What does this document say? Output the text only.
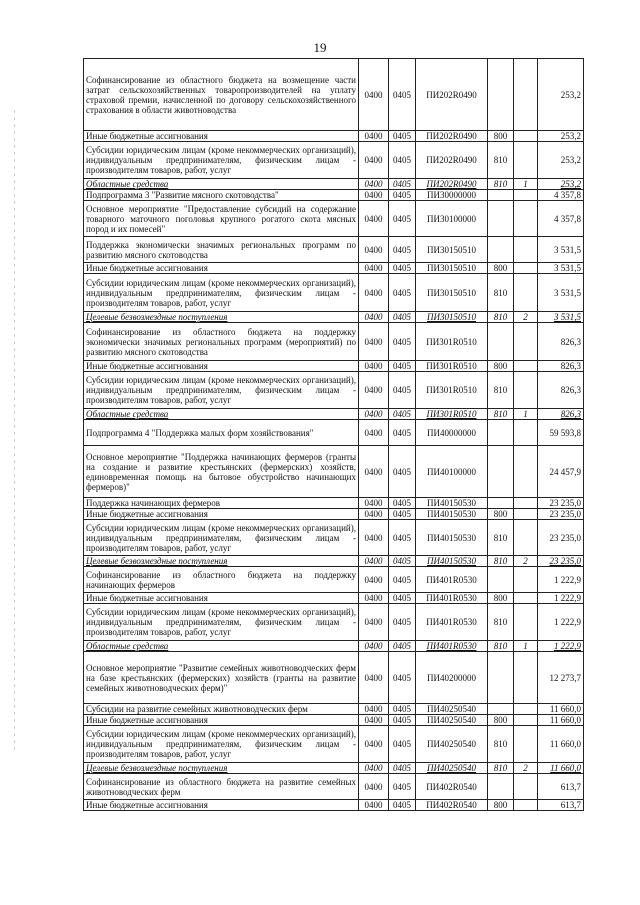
19
Софинансирование из областного бюджета на возмещение части затрат сельскохозяйственных товаропроизводителей на уплату страховой премии, начисленной по договору сельскохозяйственного страхования в области животноводства	0400	0405	ПИ202R0490			253,2
Иные бюджетные ассигнования	0400	0405	ПИ202R0490	800		253,2
Субсидии юридическим лицам (кроме некоммерческих организаций), индивидуальным предпринимателям, физическим лицам - производителям товаров, работ, услуг	0400	0405	ПИ202R0490	810		253,2
Областные средства	0400	0405	ПИ202R0490	810	1	253,2
Подпрограмма 3 "Развитие мясного скотоводства"	0400	0405	ПИ30000000			4 357,8
Основное мероприятие "Предоставление субсидий на содержание товарного маточного поголовья крупного рогатого скота мясных пород и их помесей"	0400	0405	ПИ30100000			4 357,8
Поддержка экономически значимых региональных программ по развитию мясного скотоводства	0400	0405	ПИ30150510			3 531,5
Иные бюджетные ассигнования	0400	0405	ПИ30150510	800		3 531,5
Субсидии юридическим лицам (кроме некоммерческих организаций), индивидуальным предпринимателям, физическим лицам - производителям товаров, работ, услуг	0400	0405	ПИ30150510	810		3 531,5
Целевые безвозмездные поступления	0400	0405	ПИ30150510	810	2	3 531,5
Софинансирование из областного бюджета на поддержку экономически значимых региональных программ (мероприятий) по развитию мясного скотоводства	0400	0405	ПИ301R0510			826,3
Иные бюджетные ассигнования	0400	0405	ПИ301R0510	800		826,3
Субсидии юридическим лицам (кроме некоммерческих организаций), индивидуальным предпринимателям, физическим лицам - производителям товаров, работ, услуг	0400	0405	ПИ301R0510	810		826,3
Областные средства	0400	0405	ПИ301R0510	810	1	826,3
Подпрограмма 4 "Поддержка малых форм хозяйствования"	0400	0405	ПИ40000000			59 593,8
Основное мероприятие "Поддержка начинающих фермеров (гранты на создание и развитие крестьянских (фермерских) хозяйств, единовременная помощь на бытовое обустройство начинающих фермеров)"	0400	0405	ПИ40100000			24 457,9
Поддержка начинающих фермеров	0400	0405	ПИ40150530			23 235,0
Иные бюджетные ассигнования	0400	0405	ПИ40150530	800		23 235,0
Субсидии юридическим лицам (кроме некоммерческих организаций), индивидуальным предпринимателям, физическим лицам - производителям товаров, работ, услуг	0400	0405	ПИ40150530	810		23 235,0
Целевые безвозмездные поступления	0400	0405	ПИ40150530	810	2	23 235,0
Софинансирование из областного бюджета на поддержку начинающих фермеров	0400	0405	ПИ401R0530			1 222,9
Иные бюджетные ассигнования	0400	0405	ПИ401R0530	800		1 222,9
Субсидии юридическим лицам (кроме некоммерческих организаций), индивидуальным предпринимателям, физическим лицам - производителям товаров, работ, услуг	0400	0405	ПИ401R0530	810		1 222,9
Областные средства	0400	0405	ПИ401R0530	810	1	1 222,9
Основное мероприятие "Развитие семейных животноводческих ферм на базе крестьянских (фермерских) хозяйств (гранты на развитие семейных животноводческих ферм)"	0400	0405	ПИ40200000			12 273,7
Субсидии на развитие семейных животноводческих ферм	0400	0405	ПИ40250540			11 660,0
Иные бюджетные ассигнования	0400	0405	ПИ40250540	800		11 660,0
Субсидии юридическим лицам (кроме некоммерческих организаций), индивидуальным предпринимателям, физическим лицам - производителям товаров, работ, услуг	0400	0405	ПИ40250540	810		11 660,0
Целевые безвозмездные поступления	0400	0405	ПИ40250540	810	2	11 660,0
Софинансирование из областного бюджета на развитие семейных животноводческих ферм	0400	0405	ПИ402R0540			613,7
Иные бюджетные ассигнования	0400	0405	ПИ402R0540	800		613,7
